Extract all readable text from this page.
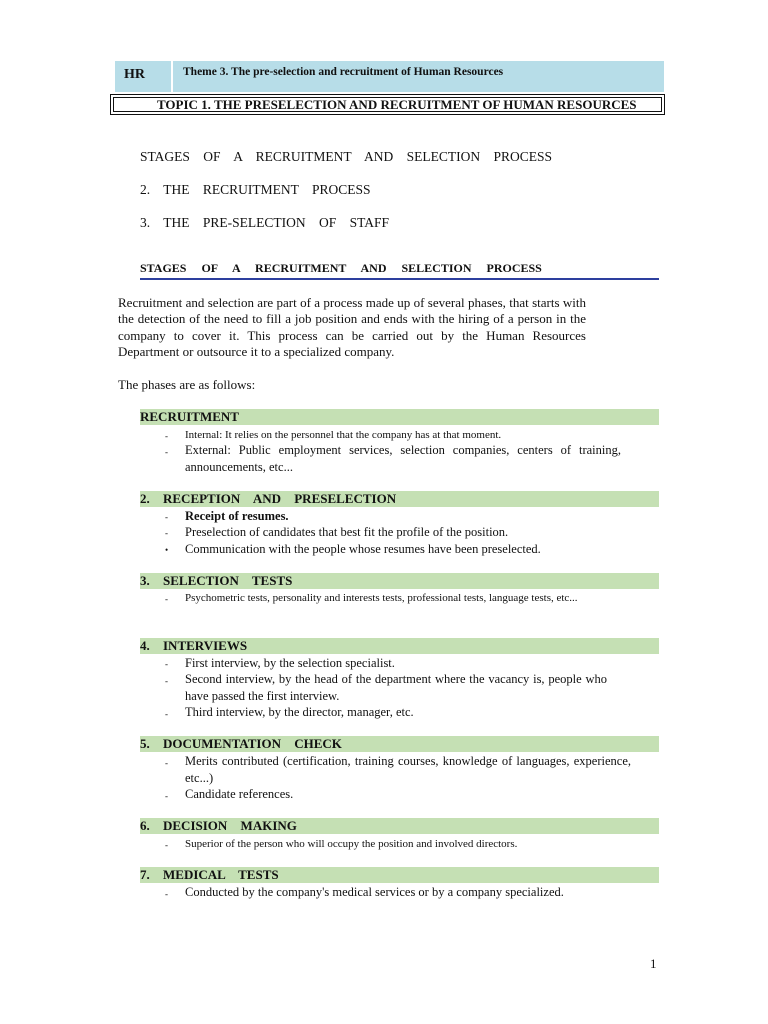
HR	Theme 3. The pre-selection and recruitment of Human Resources
TOPIC 1. THE PRESELECTION AND RECRUITMENT OF HUMAN RESOURCES
STAGES OF A RECRUITMENT AND SELECTION PROCESS
2. THE RECRUITMENT PROCESS
3. THE PRE-SELECTION OF STAFF
STAGES OF A RECRUITMENT AND SELECTION PROCESS
Recruitment and selection are part of a process made up of several phases, that starts with the detection of the need to fill a job position and ends with the hiring of a person in the company to cover it. This process can be carried out by the Human Resources Department or outsource it to a specialized company.
The phases are as follows:
RECRUITMENT
- Internal: It relies on the personnel that the company has at that moment.
- External: Public employment services, selection companies, centers of training, announcements, etc...
2. RECEPTION AND PRESELECTION
- Receipt of resumes.
- Preselection of candidates that best fit the profile of the position.
• Communication with the people whose resumes have been preselected.
3. SELECTION TESTS
- Psychometric tests, personality and interests tests, professional tests, language tests, etc...
4. INTERVIEWS
- First interview, by the selection specialist.
- Second interview, by the head of the department where the vacancy is, people who have passed the first interview.
- Third interview, by the director, manager, etc.
5. DOCUMENTATION CHECK
- Merits contributed (certification, training courses, knowledge of languages, experience, etc...)
- Candidate references.
6. DECISION MAKING
- Superior of the person who will occupy the position and involved directors.
7. MEDICAL TESTS
- Conducted by the company's medical services or by a company specialized.
1
